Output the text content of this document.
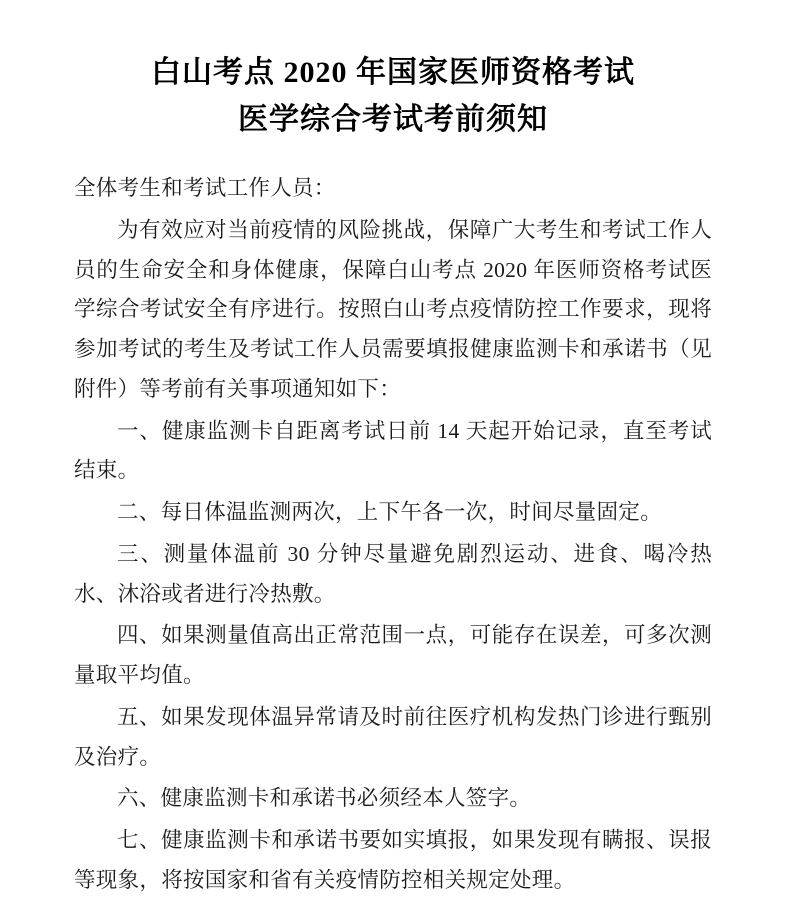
白山考点 2020 年国家医师资格考试
医学综合考试考前须知

全体考生和考试工作人员：

为有效应对当前疫情的风险挑战，保障广大考生和考试工作人员的生命安全和身体健康，保障白山考点 2020 年医师资格考试医学综合考试安全有序进行。按照白山考点疫情防控工作要求，现将参加考试的考生及考试工作人员需要填报健康监测卡和承诺书（见附件）等考前有关事项通知如下：

一、健康监测卡自距离考试日前 14 天起开始记录，直至考试结束。

二、每日体温监测两次，上下午各一次，时间尽量固定。

三、测量体温前 30 分钟尽量避免剧烈运动、进食、喝冷热水、沐浴或者进行冷热敷。

四、如果测量值高出正常范围一点，可能存在误差，可多次测量取平均值。

五、如果发现体温异常请及时前往医疗机构发热门诊进行甄别及治疗。

六、健康监测卡和承诺书必须经本人签字。

七、健康监测卡和承诺书要如实填报，如果发现有瞒报、误报等现象，将按国家和省有关疫情防控相关规定处理。
